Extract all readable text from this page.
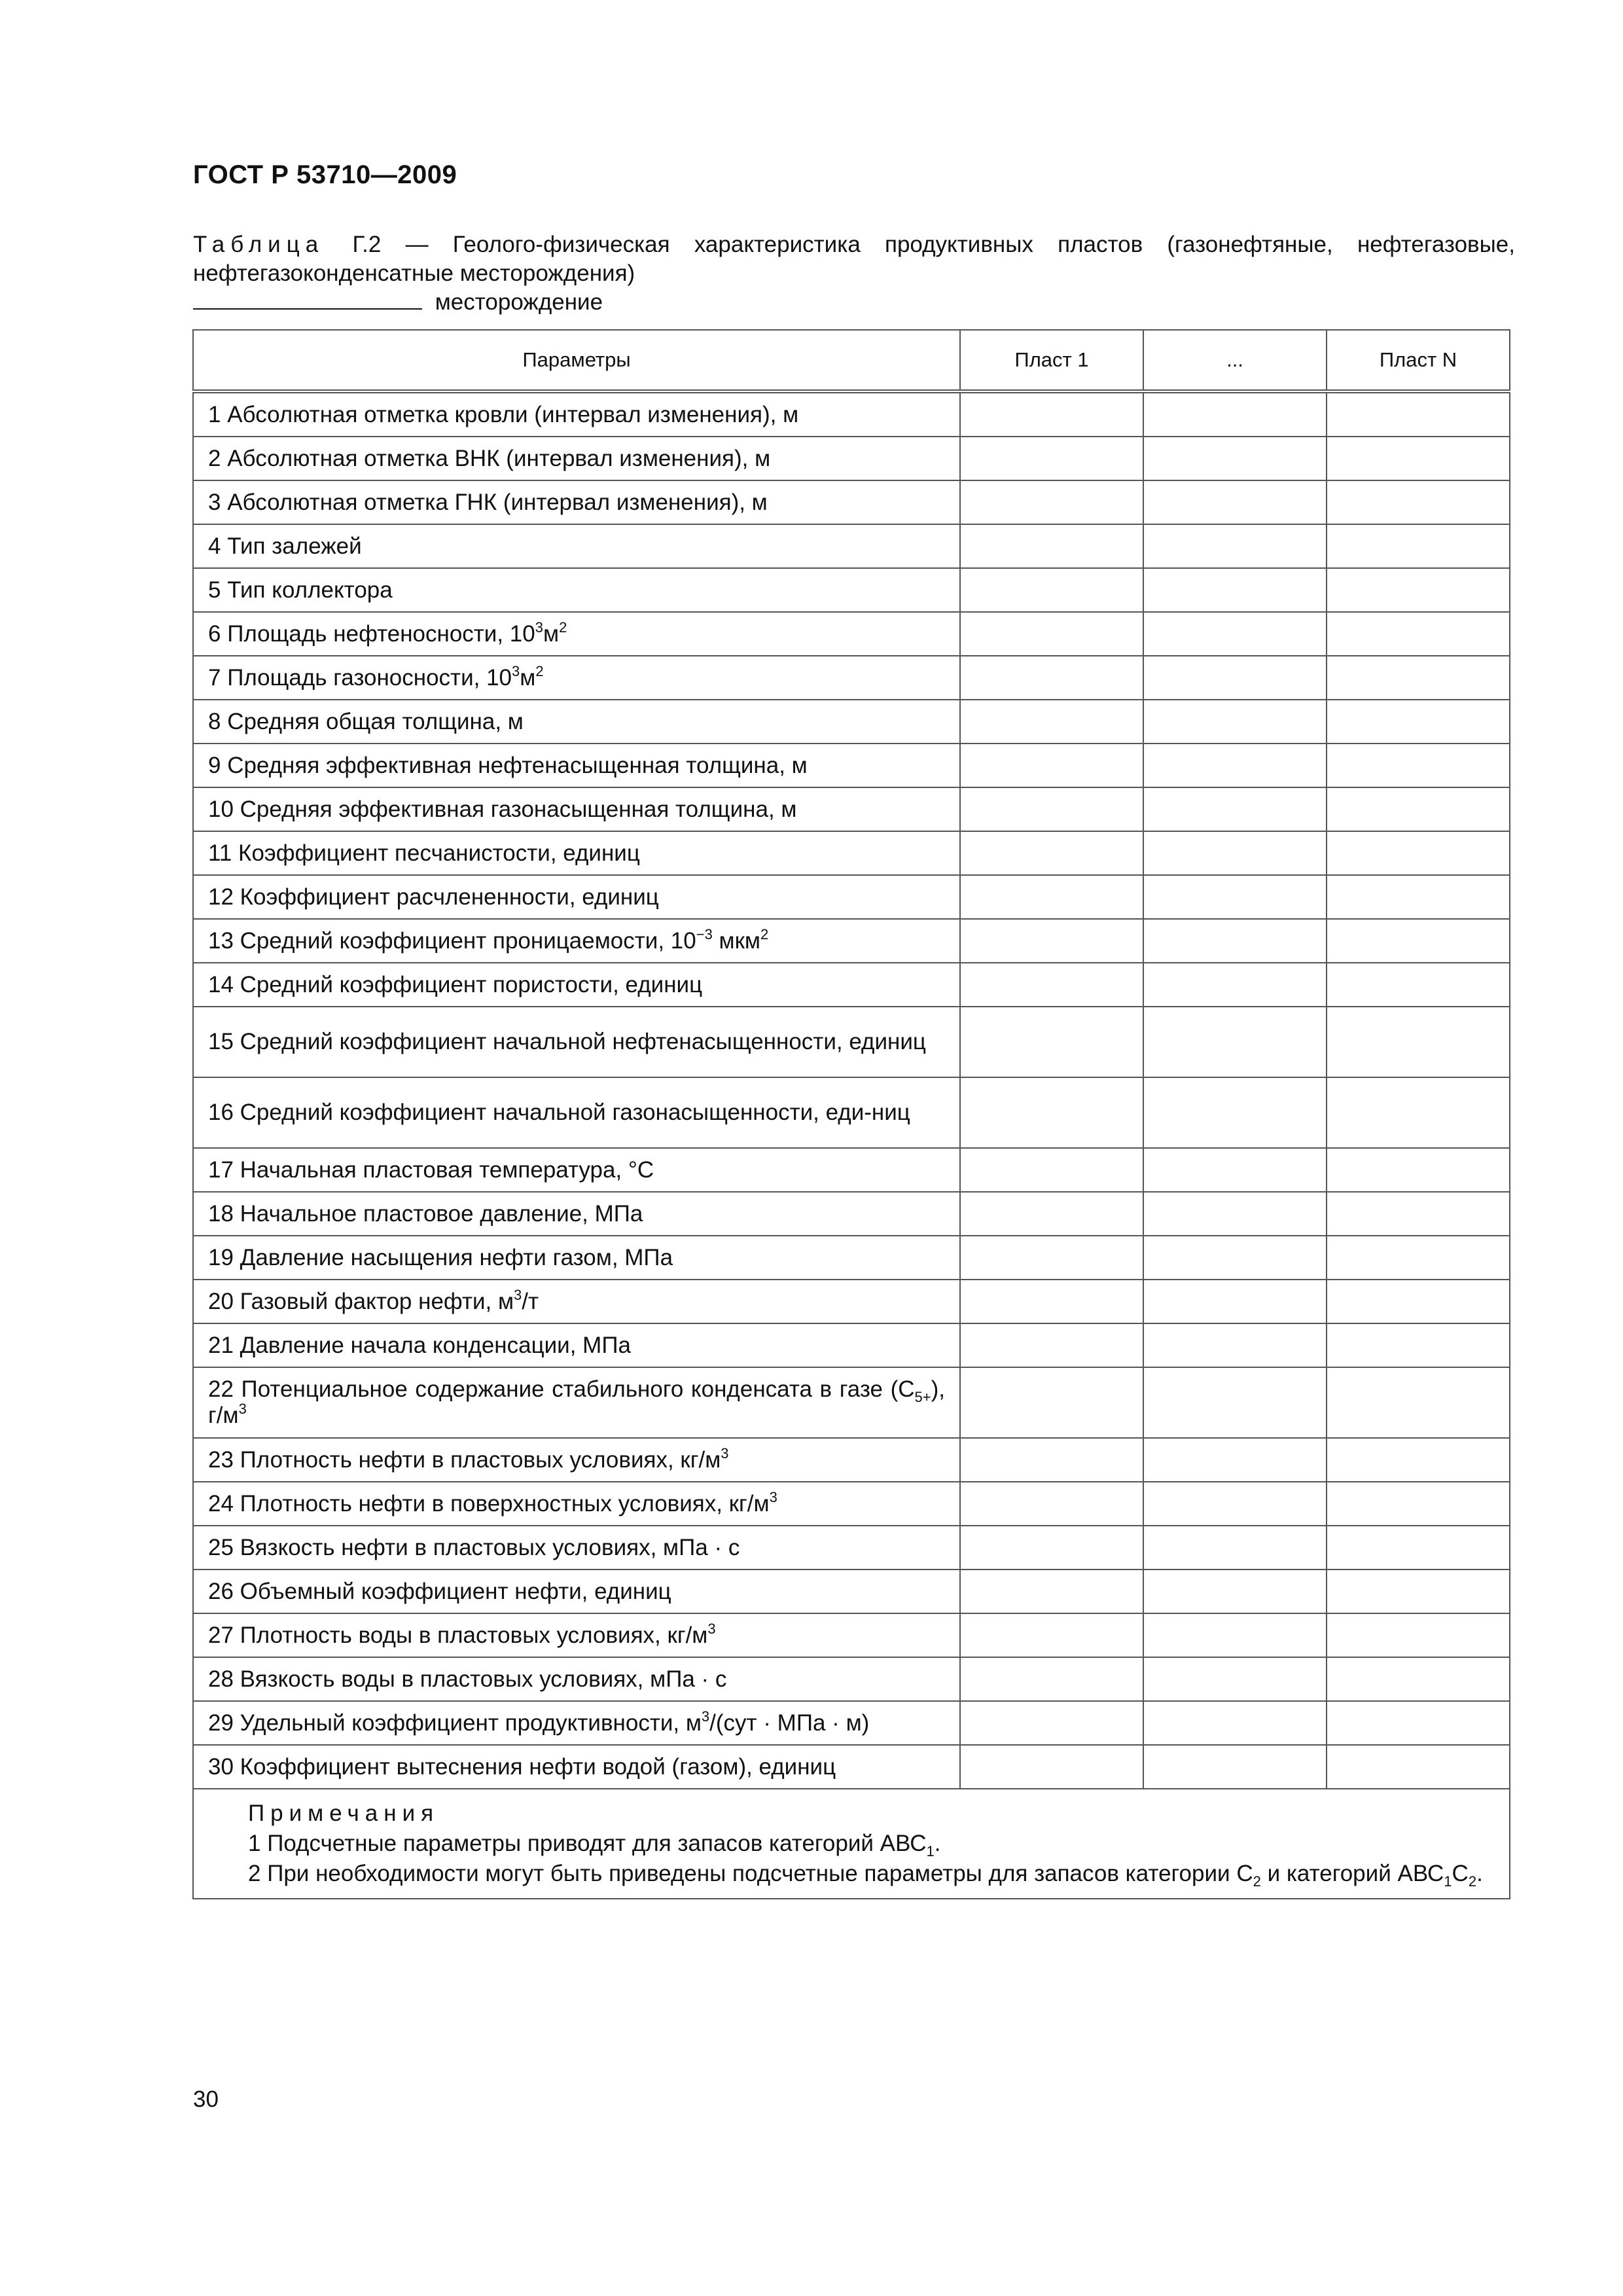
ГОСТ Р 53710—2009
Таблица Г.2 — Геолого-физическая характеристика продуктивных пластов (газонефтяные, нефтегазовые, нефтегазоконденсатные месторождения)
месторождение
Параметры	Пласт 1	...	Пласт N
1 Абсолютная отметка кровли (интервал изменения), м			
2 Абсолютная отметка ВНК (интервал изменения), м			
3 Абсолютная отметка ГНК (интервал изменения), м			
4 Тип залежей			
5 Тип коллектора			
6 Площадь нефтеносности, $10^3м^2$			
7 Площадь газоносности, $10^3м^2$			
8 Средняя общая толщина, м			
9 Средняя эффективная нефтенасыщенная толщина, м			
10 Средняя эффективная газонасыщенная толщина, м			
11 Коэффициент песчанистости, единиц			
12 Коэффициент расчлененности, единиц			
13 Средний коэффициент проницаемости, $10^{-3}$ мкм$^2$			
14 Средний коэффициент пористости, единиц			
15 Средний коэффициент начальной нефтенасыщенности, единиц			
16 Средний коэффициент начальной газонасыщенности, еди-ниц			
17 Начальная пластовая температура, °С			
18 Начальное пластовое давление, МПа			
19 Давление насыщения нефти газом, МПа			
20 Газовый фактор нефти, $м^3/т$			
21 Давление начала конденсации, МПа			
22 Потенциальное содержание стабильного конденсата в газе $(С_{5+})$, $г/м^3$			
23 Плотность нефти в пластовых условиях, $кг/м^3$			
24 Плотность нефти в поверхностных условиях, $кг/м^3$			
25 Вязкость нефти в пластовых условиях, мПа · с			
26 Объемный коэффициент нефти, единиц			
27 Плотность воды в пластовых условиях, $кг/м^3$			
28 Вязкость воды в пластовых условиях, мПа · с			
29 Удельный коэффициент продуктивности, $м^3/(сут$ · МПа · м)			
30 Коэффициент вытеснения нефти водой (газом), единиц			

Примечания
1 Подсчетные параметры приводят для запасов категорий $АВС_1$.
2 При необходимости могут быть приведены подсчетные параметры для запасов категории $С_2$ и категорий $АВС_1С_2$.			
30
